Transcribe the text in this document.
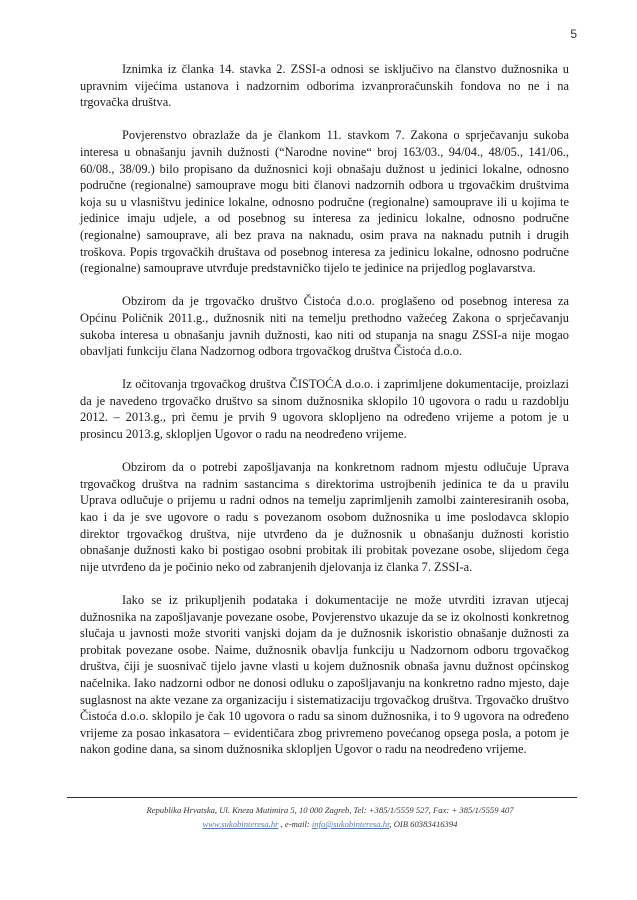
5

Iznimka iz članka 14. stavka 2. ZSSI-a odnosi se isključivo na članstvo dužnosnika u upravnim vijećima ustanova i nadzornim odborima izvanproračunskih fondova no ne i na trgovačka društva.

Povjerenstvo obrazlaže da je člankom 11. stavkom 7. Zakona o sprječavanju sukoba interesa u obnašanju javnih dužnosti (“Narodne novine“ broj 163/03., 94/04., 48/05., 141/06., 60/08., 38/09.) bilo propisano da dužnosnici koji obnašaju dužnost u jedinici lokalne, odnosno područne (regionalne) samouprave mogu biti članovi nadzornih odbora u trgovačkim društvima koja su u vlasništvu jedinice lokalne, odnosno područne (regionalne) samouprave ili u kojima te jedinice imaju udjele, a od posebnog su interesa za jedinicu lokalne, odnosno područne (regionalne) samouprave, ali bez prava na naknadu, osim prava na naknadu putnih i drugih troškova. Popis trgovačkih društava od posebnog interesa za jedinicu lokalne, odnosno područne (regionalne) samouprave utvrđuje predstavničko tijelo te jedinice na prijedlog poglavarstva.

Obzirom da je trgovačko društvo Čistoća d.o.o. proglašeno od posebnog interesa za Općinu Poličnik 2011.g., dužnosnik niti na temelju prethodno važećeg Zakona o sprječavanju sukoba interesa u obnašanju javnih dužnosti, kao niti od stupanja na snagu ZSSI-a nije mogao obavljati funkciju člana Nadzornog odbora trgovačkog društva Čistoća d.o.o.

Iz očitovanja trgovačkog društva ČISTOĆA d.o.o. i zaprimljene dokumentacije, proizlazi da je navedeno trgovačko društvo sa sinom dužnosnika sklopilo 10 ugovora o radu u razdoblju 2012. – 2013.g., pri čemu je prvih 9 ugovora sklopljeno na određeno vrijeme a potom je u prosincu 2013.g, sklopljen Ugovor o radu na neodređeno vrijeme.

Obzirom da o potrebi zapošljavanja na konkretnom radnom mjestu odlučuje Uprava trgovačkog društva na radnim sastancima s direktorima ustrojbenih jedinica te da u pravilu Uprava odlučuje o prijemu u radni odnos na temelju zaprimljenih zamolbi zainteresiranih osoba, kao i da je sve ugovore o radu s povezanom osobom dužnosnika u ime poslodavca sklopio direktor trgovačkog društva, nije utvrđeno da je dužnosnik u obnašanju dužnosti koristio obnašanje dužnosti kako bi postigao osobni probitak ili probitak povezane osobe, slijedom čega nije utvrđeno da je počinio neko od zabranjenih djelovanja iz članka 7. ZSSI-a.

Iako se iz prikupljenih podataka i dokumentacije ne može utvrditi izravan utjecaj dužnosnika na zapošljavanje povezane osobe, Povjerenstvo ukazuje da se iz okolnosti konkretnog slučaja u javnosti može stvoriti vanjski dojam da je dužnosnik iskoristio obnašanje dužnosti za probitak povezane osobe. Naime, dužnosnik obavlja funkciju u Nadzornom odboru trgovačkog društva, čiji je suosnivač tijelo javne vlasti u kojem dužnosnik obnaša javnu dužnost općinskog načelnika. Iako nadzorni odbor ne donosi odluku o zapošljavanju na konkretno radno mjesto, daje suglasnost na akte vezane za organizaciju i sistematizaciju trgovačkog društva. Trgovačko društvo Čistoća d.o.o. sklopilo je čak 10 ugovora o radu sa sinom dužnosnika, i to 9 ugovora na određeno vrijeme za posao inkasatora – evidentičara zbog privremeno povećanog opsega posla, a potom je nakon godine dana, sa sinom dužnosnika sklopljen Ugovor o radu na neodređeno vrijeme.

Republika Hrvatska, Ul. Kneza Mutimira 5, 10 000 Zagreb, Tel: +385/1/5559 527, Fax: + 385/1/5559 407
www.sukobinteresa.hr , e-mail: info@sukobinteresa.hr, OIB 60383416394
